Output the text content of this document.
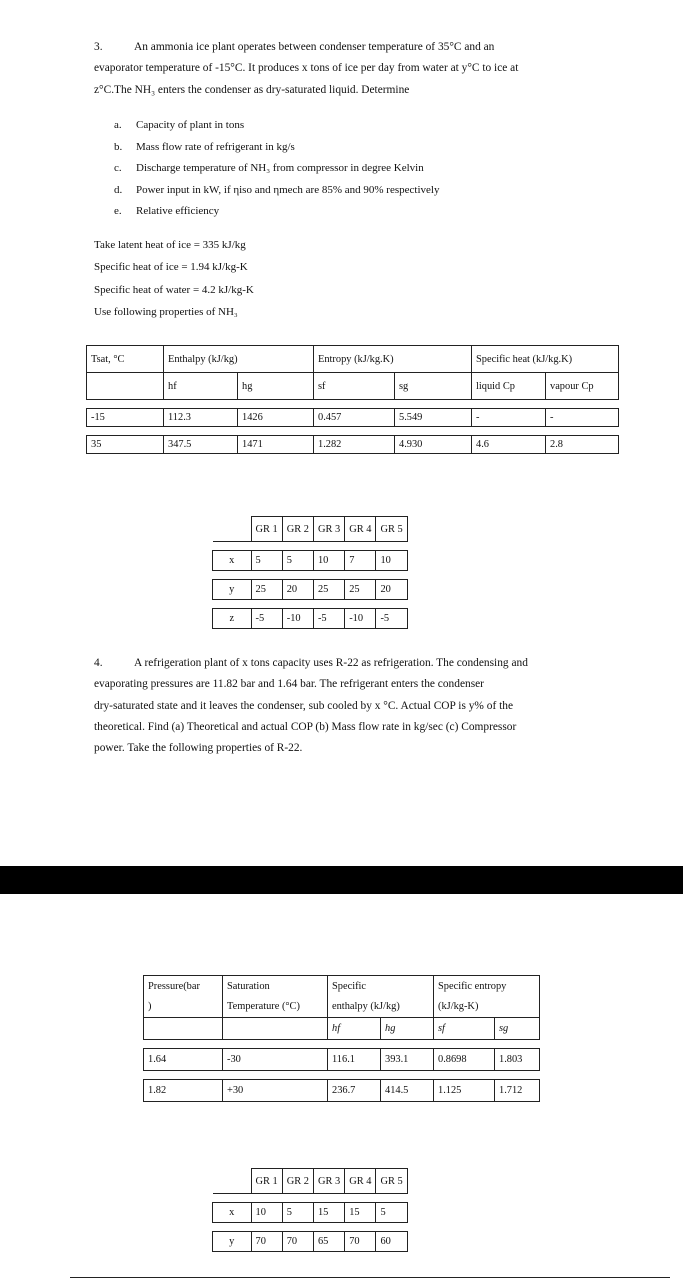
3.	An ammonia ice plant operates between condenser temperature of 35°C and an
evaporator temperature of -15°C. It produces x tons of ice per day from water at y°C to ice at
z°C.The NH₃ enters the condenser as dry-saturated liquid. Determine
a. Capacity of plant in tons
b. Mass flow rate of refrigerant in kg/s
c. Discharge temperature of NH₃ from compressor in degree Kelvin
d. Power input in kW, if ηiso and ηmech are 85% and 90% respectively
e. Relative efficiency
Take latent heat of ice = 335 kJ/kg
Specific heat of ice = 1.94 kJ/kg-K
Specific heat of water = 4.2 kJ/kg-K
Use following properties of NH₃
Tsat, °C	Enthalpy (kJ/kg)		Entropy (kJ/kg.K)		Specific heat (kJ/kg.K)	
	hf	hg	sf	sg	liquid Cp	vapour Cp

-15	112.3	1426	0.457	5.549	-	-

35	347.5	1471	1.282	4.930	4.6	2.8
	GR 1	GR 2	GR 3	GR 4	GR 5

x	5	5	10	7	10

y	25	20	25	25	20

z	-5	-10	-5	-10	-5
4.	A refrigeration plant of x tons capacity uses R-22 as refrigeration. The condensing and
evaporating pressures are 11.82 bar and 1.64 bar. The refrigerant enters the condenser
dry-saturated state and it leaves the condenser, sub cooled by x °C. Actual COP is y% of the
theoretical. Find (a) Theoretical and actual COP (b) Mass flow rate in kg/sec (c) Compressor
power. Take the following properties of R-22.
Pressure(bar	Saturation	Specific		Specific entropy	
)	Temperature (°C)	enthalpy (kJ/kg)		(kJ/kg-K)	
		hf	hg	sf	sg

1.64	-30	116.1	393.1	0.8698	1.803

1.82	+30	236.7	414.5	1.125	1.712
	GR 1	GR 2	GR 3	GR 4	GR 5

x	10	5	15	15	5

y	70	70	65	70	60
